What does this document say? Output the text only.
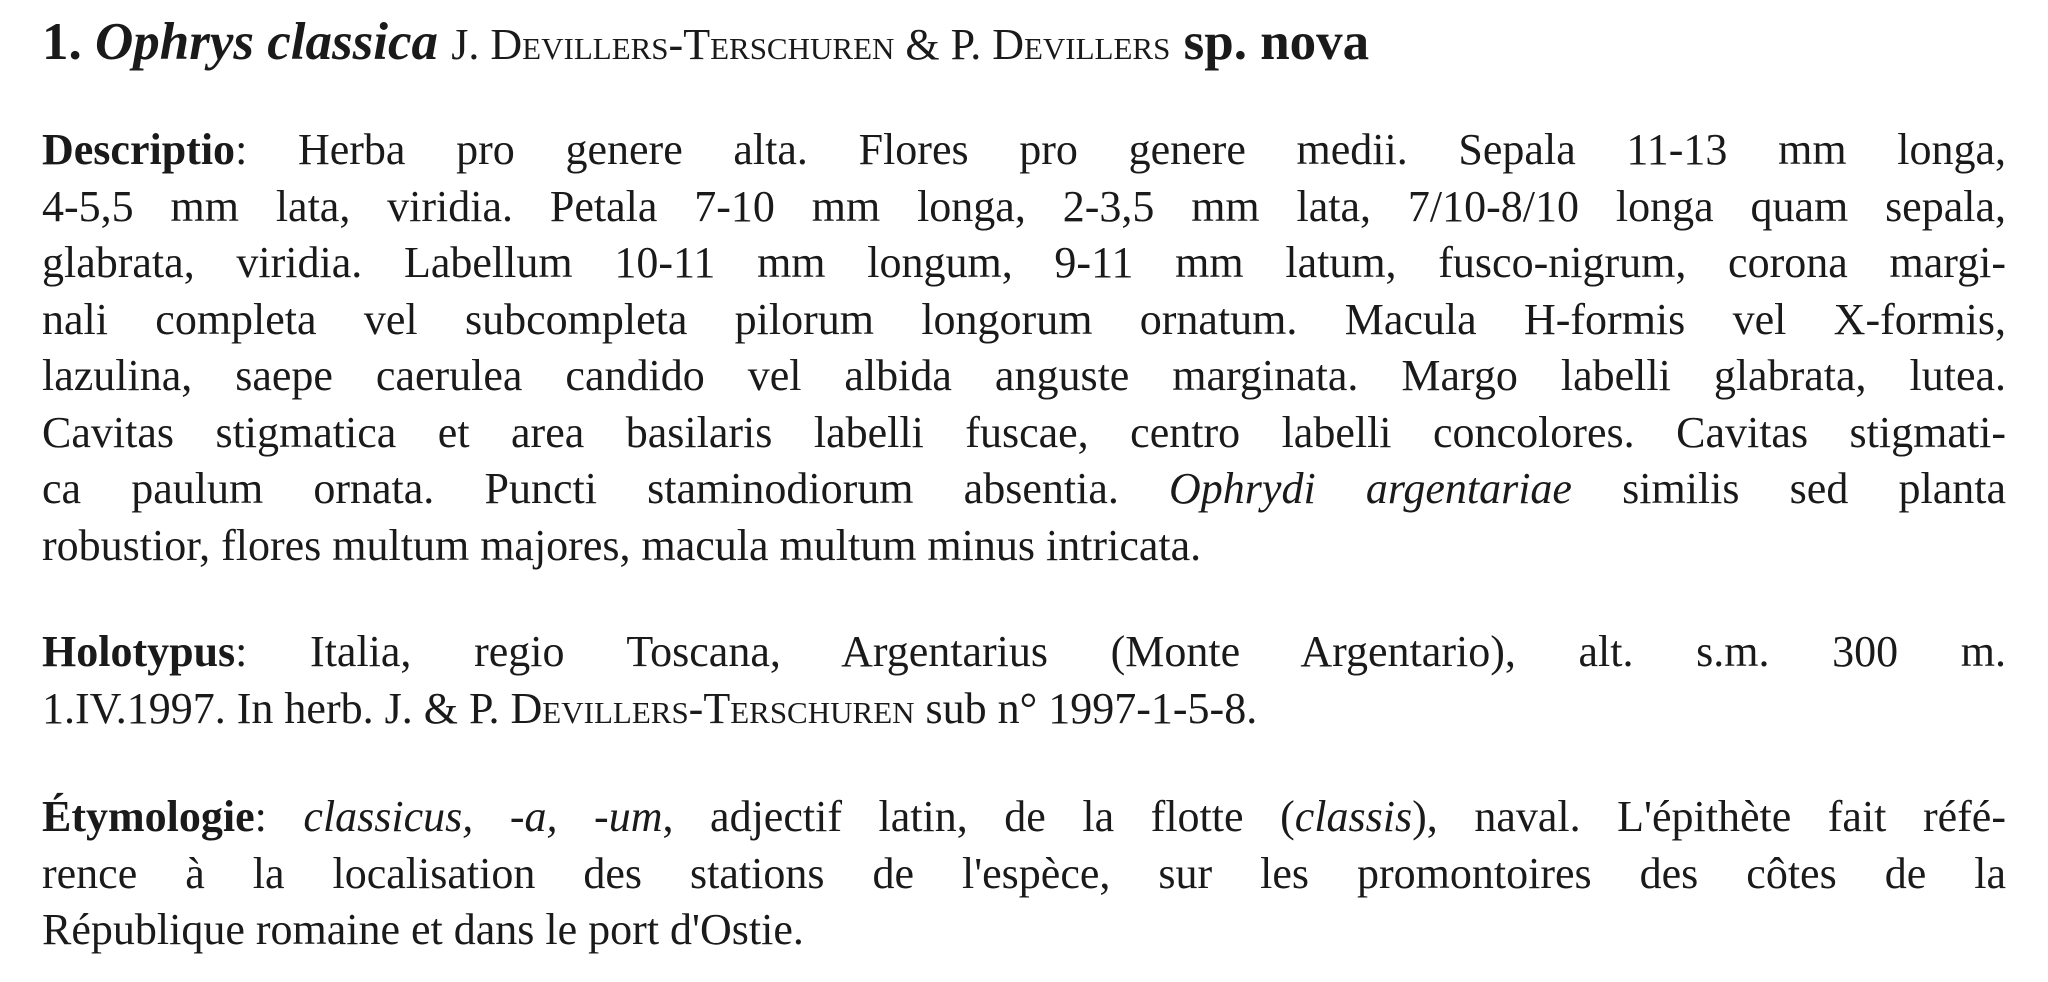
1. Ophrys classica J. Devillers-Terschuren & P. Devillers sp. nova
Descriptio: Herba pro genere alta. Flores pro genere medii. Sepala 11-13 mm longa,
4-5,5 mm lata, viridia. Petala 7-10 mm longa, 2-3,5 mm lata, 7/10-8/10 longa quam sepala,
glabrata, viridia. Labellum 10-11 mm longum, 9-11 mm latum, fusco-nigrum, corona margi-
nali completa vel subcompleta pilorum longorum ornatum. Macula H-formis vel X-formis,
lazulina, saepe caerulea candido vel albida anguste marginata. Margo labelli glabrata, lutea.
Cavitas stigmatica et area basilaris labelli fuscae, centro labelli concolores. Cavitas stigmati-
ca paulum ornata. Puncti staminodiorum absentia. Ophrydi argentariae similis sed planta
robustior, flores multum majores, macula multum minus intricata.
Holotypus: Italia, regio Toscana, Argentarius (Monte Argentario), alt. s.m. 300 m.
1.IV.1997. In herb. J. & P. Devillers-Terschuren sub n° 1997-1-5-8.
Étymologie: classicus, -a, -um, adjectif latin, de la flotte (classis), naval. L'épithète fait réfé-
rence à la localisation des stations de l'espèce, sur les promontoires des côtes de la
République romaine et dans le port d'Ostie.
